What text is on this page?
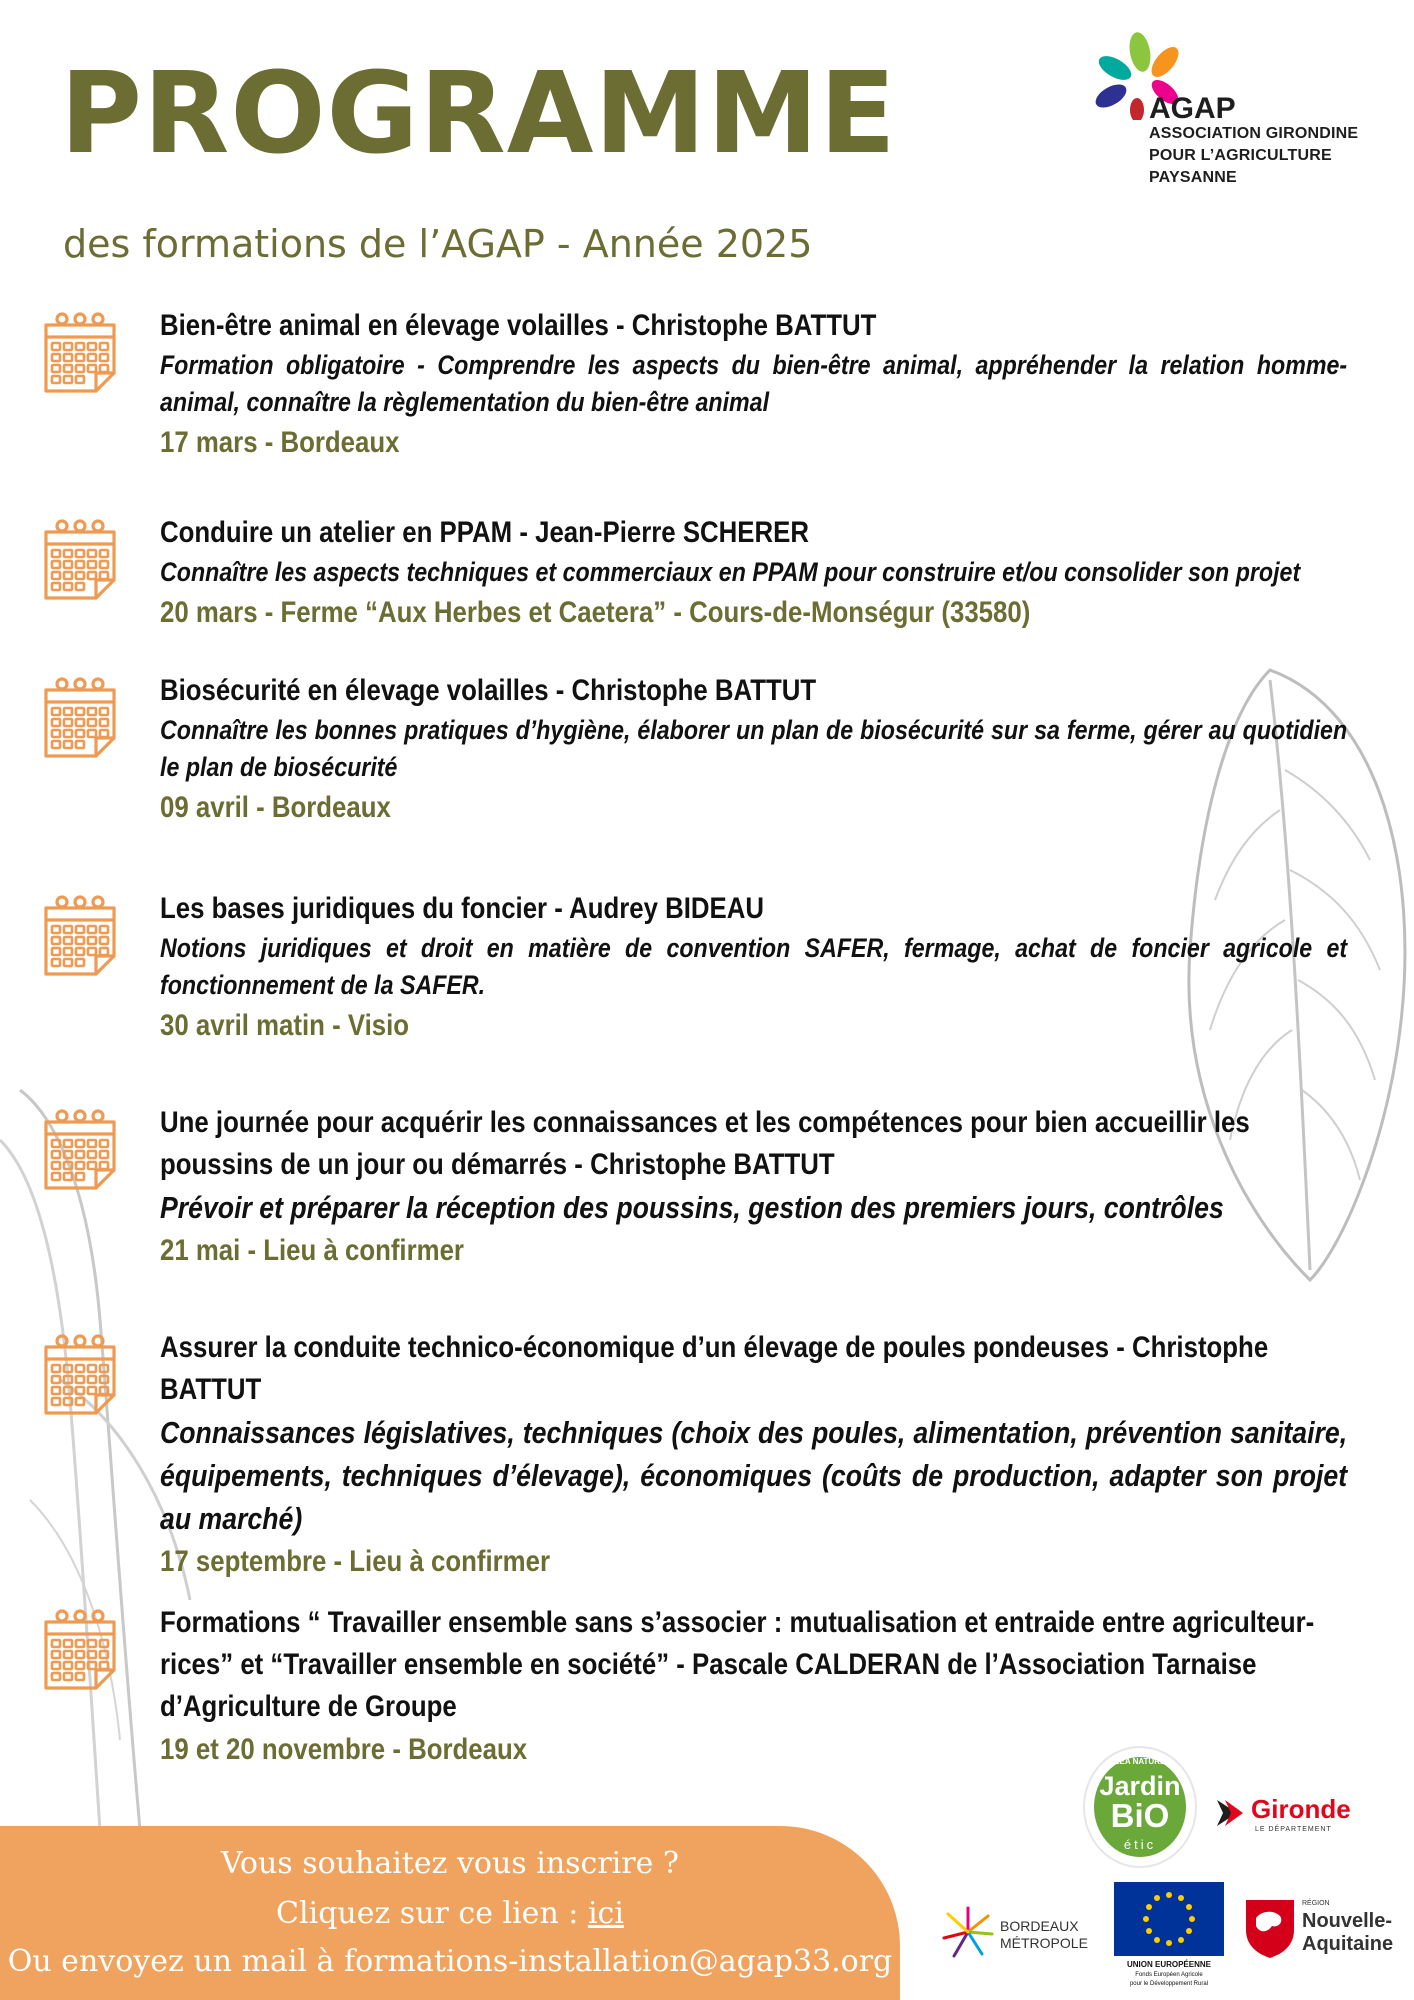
PROGRAMME
des formations de l’AGAP - Année 2025
AGAP
ASSOCIATION GIRONDINE
POUR L’AGRICULTURE
PAYSANNE
Bien-être animal en élevage volailles - Christophe BATTUT
Formation obligatoire - Comprendre les aspects du bien-être animal, appréhender la relation homme-animal, connaître la règlementation du bien-être animal
17 mars - Bordeaux
Conduire un atelier en PPAM - Jean-Pierre SCHERER
Connaître les aspects techniques et commerciaux en PPAM pour construire et/ou consolider son projet
20 mars - Ferme “Aux Herbes et Caetera” - Cours-de-Monségur (33580)
Biosécurité en élevage volailles - Christophe BATTUT
Connaître les bonnes pratiques d’hygiène, élaborer un plan de biosécurité sur sa ferme, gérer au quotidien le plan de biosécurité
09 avril - Bordeaux
Les bases juridiques du foncier - Audrey BIDEAU
Notions juridiques et droit en matière de convention SAFER, fermage, achat de foncier agricole et fonctionnement de la SAFER.
30 avril matin - Visio
Une journée pour acquérir les connaissances et les compétences pour bien accueillir les poussins de un jour ou démarrés - Christophe BATTUT
Prévoir et préparer la réception des poussins, gestion des premiers jours, contrôles
21 mai - Lieu à confirmer
Assurer la conduite technico-économique d’un élevage de poules pondeuses - Christophe BATTUT
Connaissances législatives, techniques (choix des poules, alimentation, prévention sanitaire, équipements, techniques d’élevage), économiques (coûts de production, adapter son projet au marché)
17 septembre - Lieu à confirmer
Formations “ Travailler ensemble sans s’associer : mutualisation et entraide entre agriculteur-rices” et “Travailler ensemble en société” - Pascale CALDERAN de l’Association Tarnaise d’Agriculture de Groupe
19 et 20 novembre - Bordeaux
Vous souhaitez vous inscrire ?
Cliquez sur ce lien : ici
Ou envoyez un mail à formations-installation@agap33.org
LÉA NATURE
Jardin
BiO
étic
Gironde
LE DÉPARTEMENT
BORDEAUX
MÉTROPOLE
UNION EUROPÉENNE
Fonds Européen Agricole
pour le Développement Rural
RÉGION
Nouvelle-
Aquitaine
